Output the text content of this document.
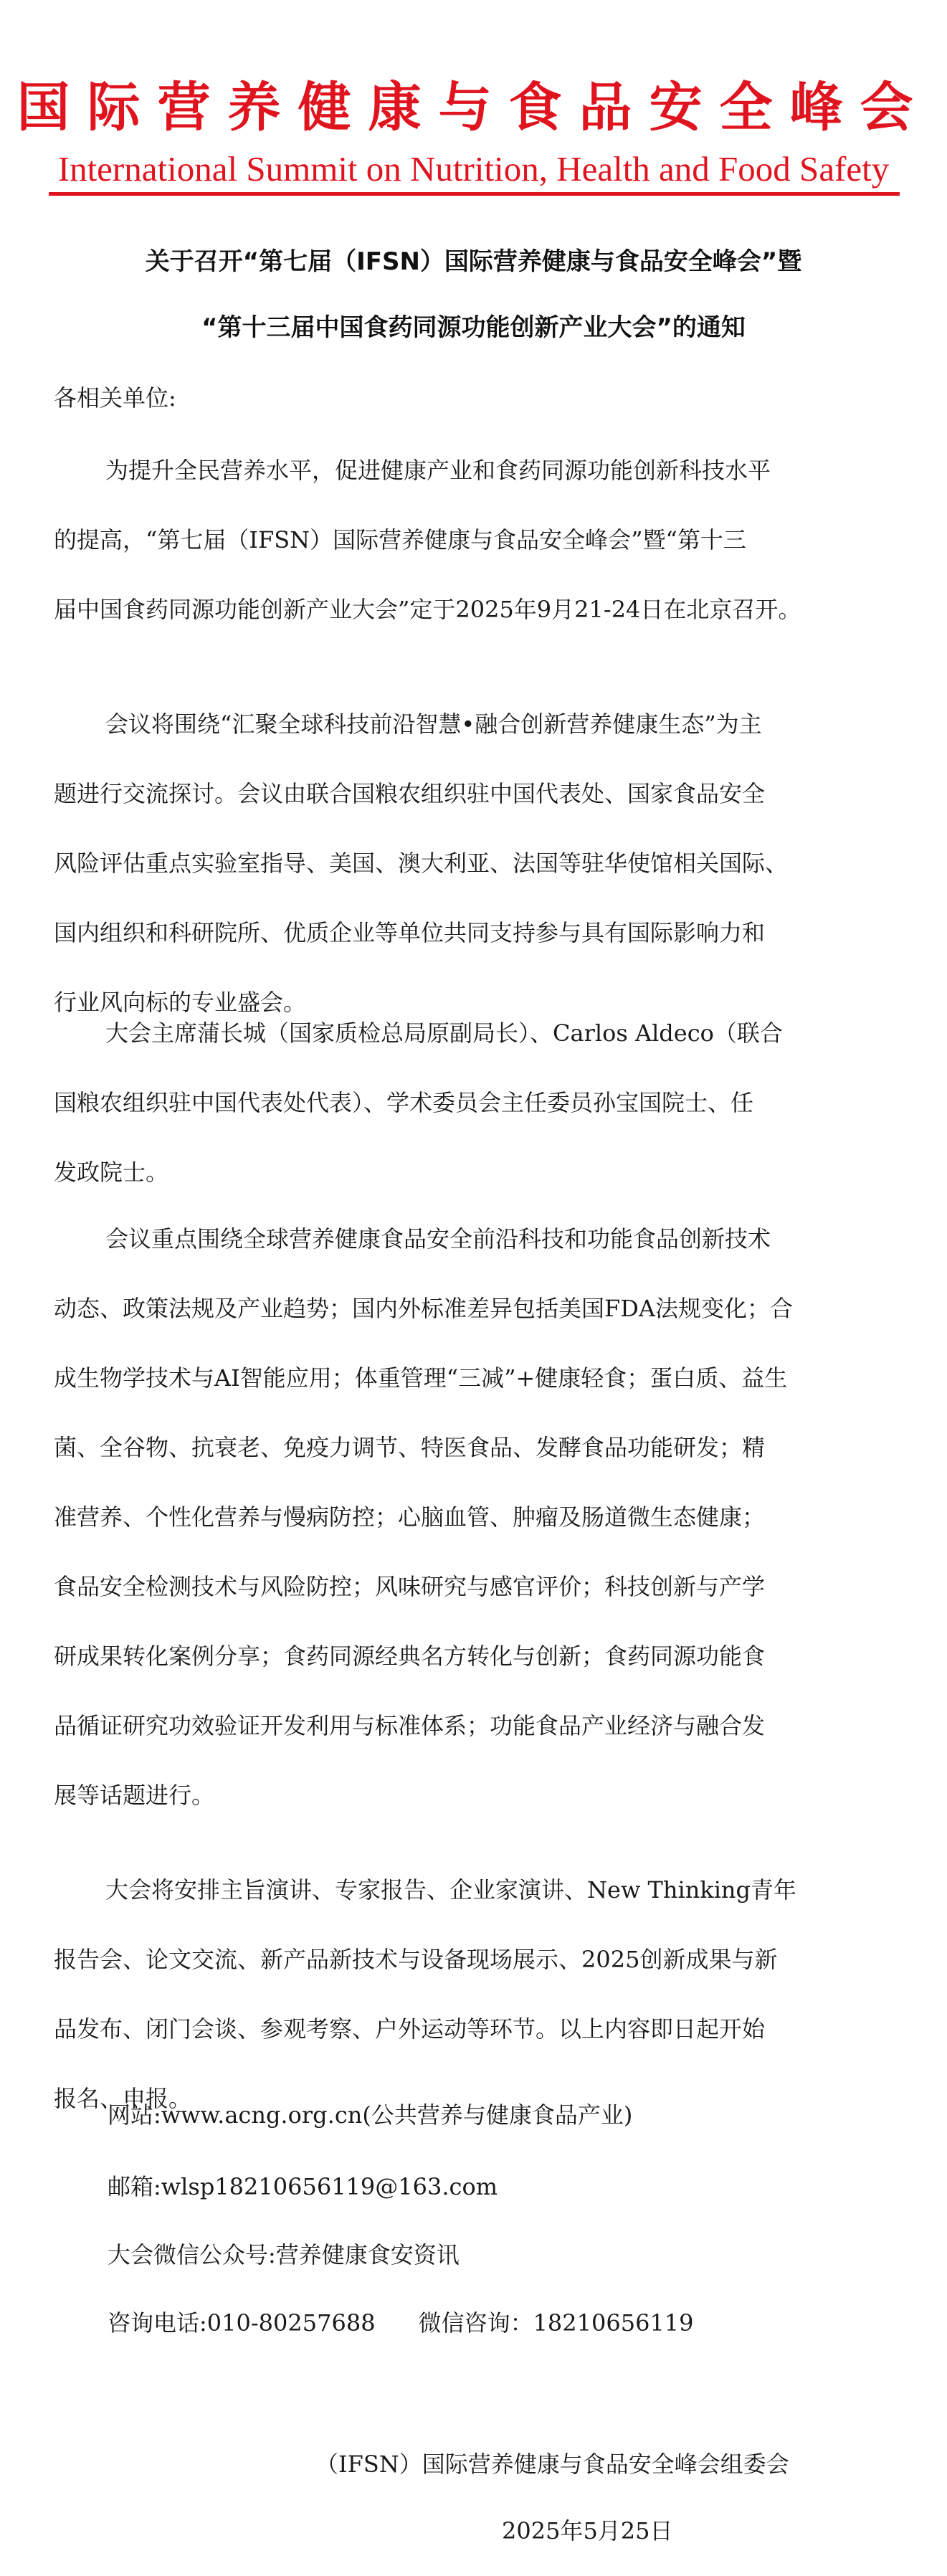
国际营养健康与食品安全峰会
International Summit on Nutrition, Health and Food Safety
关于召开“第七届（IFSN）国际营养健康与食品安全峰会”暨
“第十三届中国食药同源功能创新产业大会”的通知
各相关单位:
为提升全民营养水平，促进健康产业和食药同源功能创新科技水平
的提高，“第七届（IFSN）国际营养健康与食品安全峰会”暨“第十三
届中国食药同源功能创新产业大会”定于2025年9月21-24日在北京召开。
会议将围绕“汇聚全球科技前沿智慧•融合创新营养健康生态”为主
题进行交流探讨。会议由联合国粮农组织驻中国代表处、国家食品安全
风险评估重点实验室指导、美国、澳大利亚、法国等驻华使馆相关国际、
国内组织和科研院所、优质企业等单位共同支持参与具有国际影响力和
行业风向标的专业盛会。
大会主席蒲长城（国家质检总局原副局长）、Carlos Aldeco（联合
国粮农组织驻中国代表处代表）、学术委员会主任委员孙宝国院士、任
发政院士。
会议重点围绕全球营养健康食品安全前沿科技和功能食品创新技术
动态、政策法规及产业趋势；国内外标准差异包括美国FDA法规变化；合
成生物学技术与AI智能应用；体重管理“三减”+健康轻食；蛋白质、益生
菌、全谷物、抗衰老、免疫力调节、特医食品、发酵食品功能研发；精
准营养、个性化营养与慢病防控；心脑血管、肿瘤及肠道微生态健康；
食品安全检测技术与风险防控；风味研究与感官评价；科技创新与产学
研成果转化案例分享；食药同源经典名方转化与创新；食药同源功能食
品循证研究功效验证开发利用与标准体系；功能食品产业经济与融合发
展等话题进行。
大会将安排主旨演讲、专家报告、企业家演讲、New Thinking青年
报告会、论文交流、新产品新技术与设备现场展示、2025创新成果与新
品发布、闭门会谈、参观考察、户外运动等环节。以上内容即日起开始
报名、申报。
网站:www.acng.org.cn(公共营养与健康食品产业)
邮箱:wlsp18210656119@163.com
大会微信公众号:营养健康食安资讯
咨询电话:010-80257688 微信咨询：18210656119
（IFSN）国际营养健康与食品安全峰会组委会
2025年5月25日
